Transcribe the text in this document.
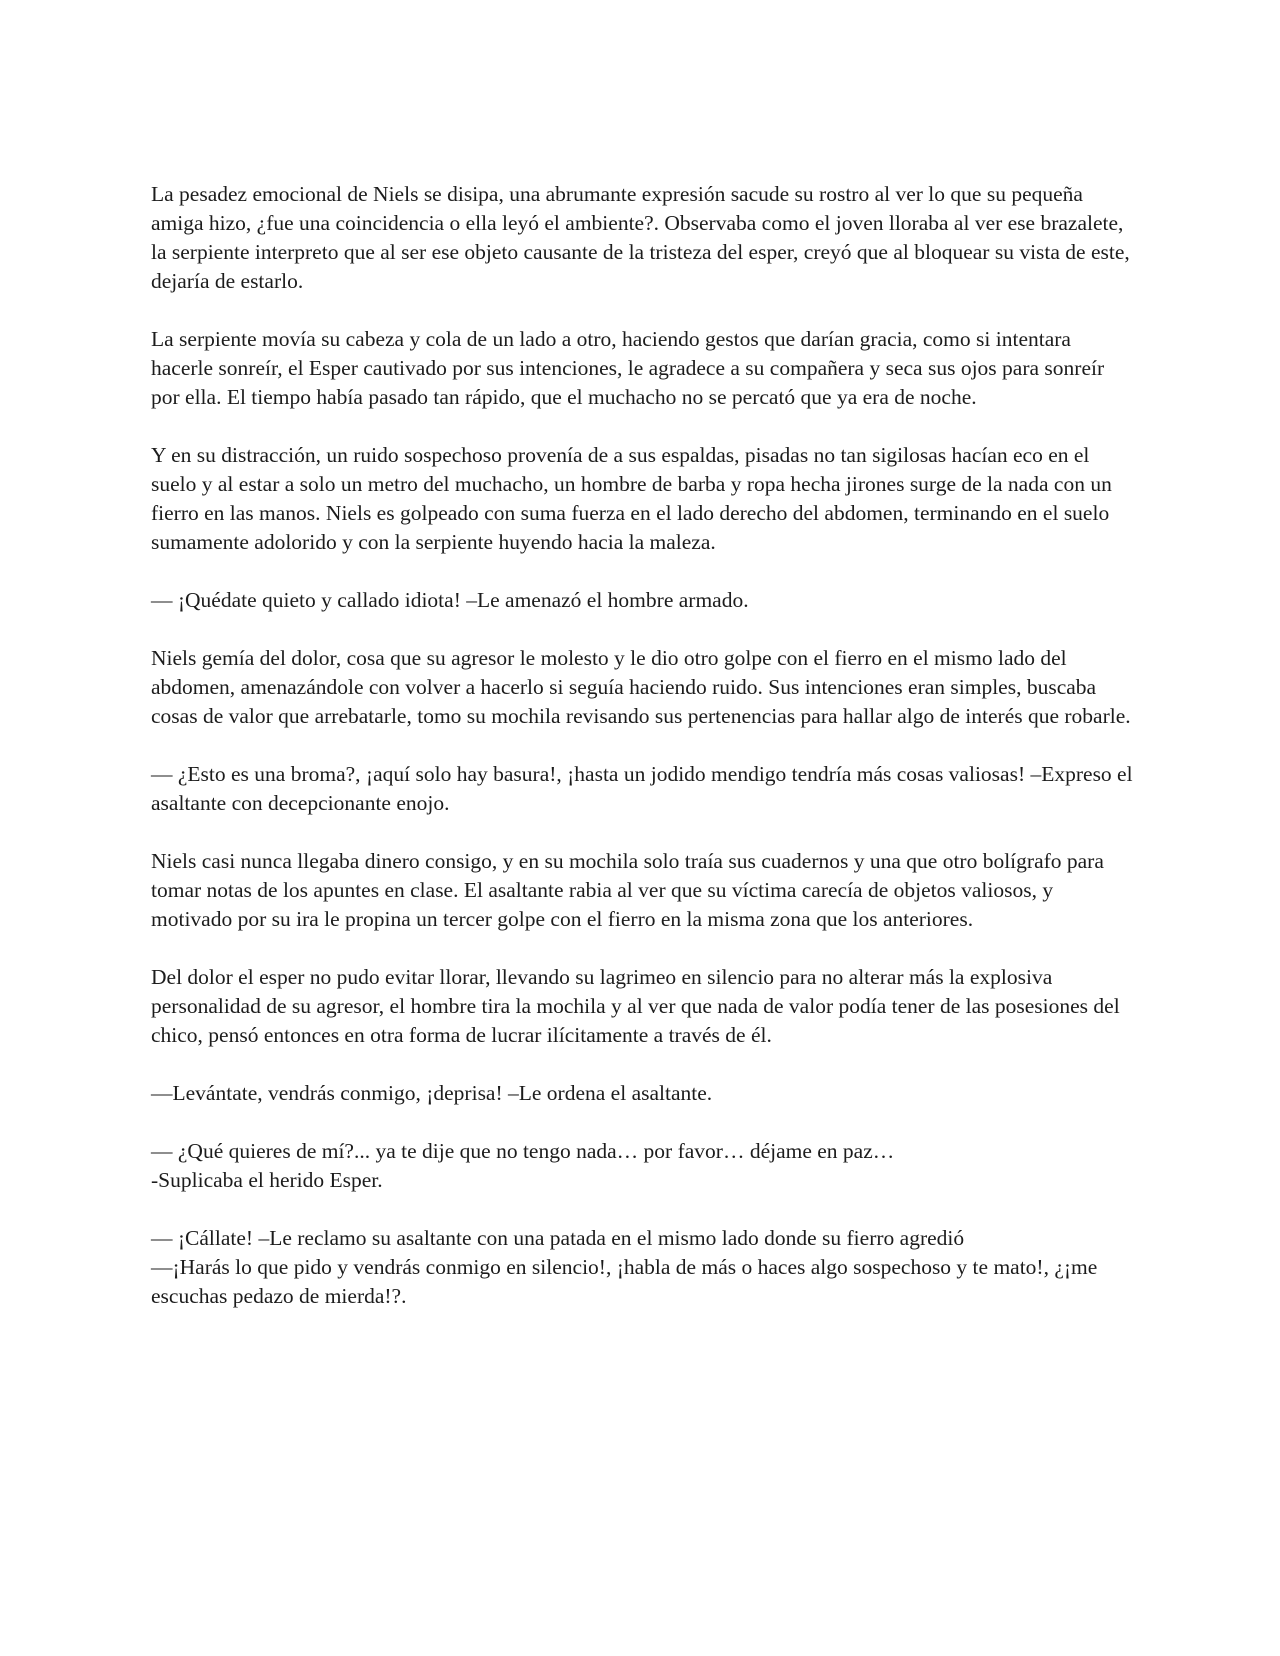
La pesadez emocional de Niels se disipa, una abrumante expresión sacude su rostro al ver lo que su pequeña amiga hizo, ¿fue una coincidencia o ella leyó el ambiente?. Observaba como el joven lloraba al ver ese brazalete, la serpiente interpreto que al ser ese objeto causante de la tristeza del esper, creyó que al bloquear su vista de este, dejaría de estarlo.

La serpiente movía su cabeza y cola de un lado a otro, haciendo gestos que darían gracia, como si intentara hacerle sonreír, el Esper cautivado por sus intenciones, le agradece a su compañera y seca sus ojos para sonreír por ella. El tiempo había pasado tan rápido, que el muchacho no se percató que ya era de noche.

Y en su distracción, un ruido sospechoso provenía de a sus espaldas, pisadas no tan sigilosas hacían eco en el suelo y al estar a solo un metro del muchacho, un hombre de barba y ropa hecha jirones surge de la nada con un fierro en las manos. Niels es golpeado con suma fuerza en el lado derecho del abdomen, terminando en el suelo sumamente adolorido y con la serpiente huyendo hacia la maleza.

— ¡Quédate quieto y callado idiota! –Le amenazó el hombre armado.

Niels gemía del dolor, cosa que su agresor le molesto y le dio otro golpe con el fierro en el mismo lado del abdomen, amenazándole con volver a hacerlo si seguía haciendo ruido. Sus intenciones eran simples, buscaba cosas de valor que arrebatarle, tomo su mochila revisando sus pertenencias para hallar algo de interés que robarle.

— ¿Esto es una broma?, ¡aquí solo hay basura!, ¡hasta un jodido mendigo tendría más cosas valiosas! –Expreso el asaltante con decepcionante enojo.

Niels casi nunca llegaba dinero consigo, y en su mochila solo traía sus cuadernos y una que otro bolígrafo para tomar notas de los apuntes en clase. El asaltante rabia al ver que su víctima carecía de objetos valiosos, y motivado por su ira le propina un tercer golpe con el fierro en la misma zona que los anteriores.

Del dolor el esper no pudo evitar llorar, llevando su lagrimeo en silencio para no alterar más la explosiva personalidad de su agresor, el hombre tira la mochila y al ver que nada de valor podía tener de las posesiones del chico, pensó entonces en otra forma de lucrar ilícitamente a través de él.

—Levántate, vendrás conmigo, ¡deprisa! –Le ordena el asaltante.

— ¿Qué quieres de mí?... ya te dije que no tengo nada… por favor… déjame en paz…
-Suplicaba el herido Esper.

— ¡Cállate! –Le reclamo su asaltante con una patada en el mismo lado donde su fierro agredió
—¡Harás lo que pido y vendrás conmigo en silencio!, ¡habla de más o haces algo sospechoso y te mato!, ¿¡me escuchas pedazo de mierda!?.
